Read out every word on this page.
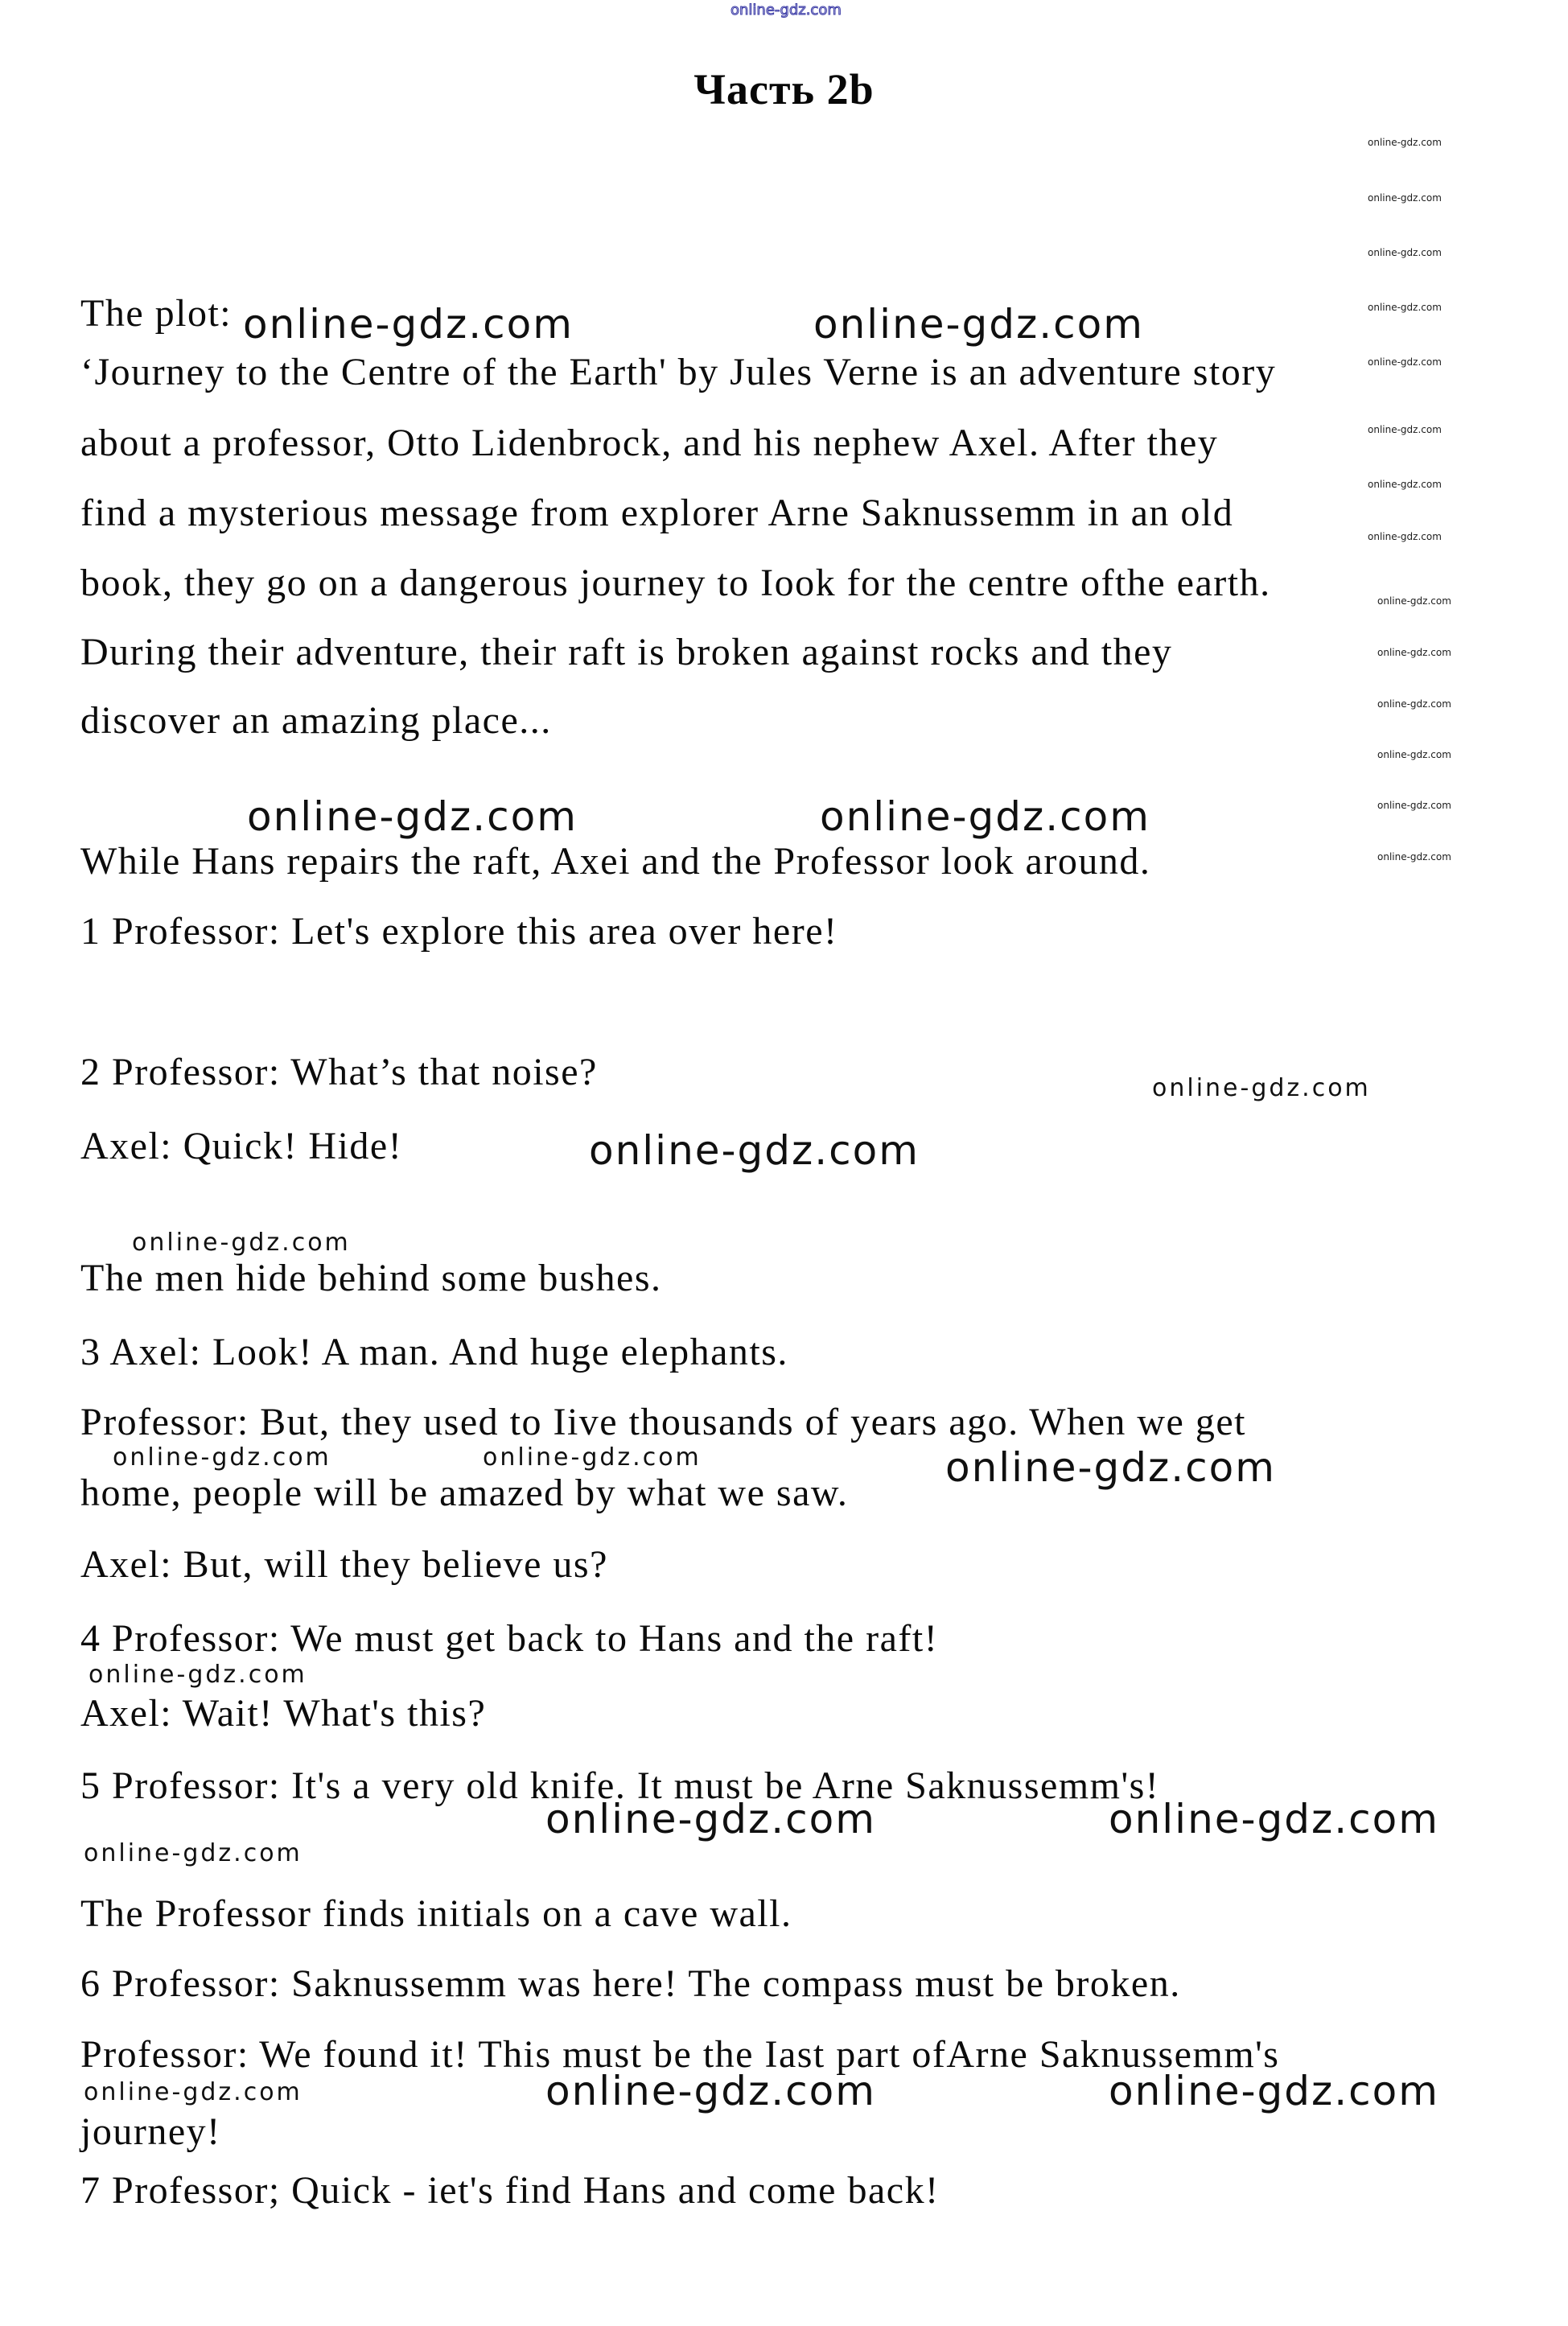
online-gdz.com
Часть 2b
online-gdz.com
online-gdz.com
online-gdz.com
online-gdz.com
online-gdz.com
online-gdz.com
online-gdz.com
online-gdz.com
online-gdz.com
online-gdz.com
online-gdz.com
online-gdz.com
online-gdz.com
online-gdz.com
online-gdz.com	online-gdz.com
online-gdz.com	online-gdz.com
online-gdz.com
online-gdz.com
online-gdz.com	online-gdz.com
online-gdz.com	online-gdz.com
online-gdz.com
online-gdz.com
online-gdz.com	online-gdz.com
online-gdz.com
online-gdz.com
online-gdz.com
The plot:
‘Journey to the Centre of the Earth' by Jules Verne is an adventure story
about a professor, Otto Lidenbrock, and his nephew Axel. After they
find a mysterious message from explorer Arne Saknussemm in an old
book, they go on a dangerous journey to Iook for the centre ofthe earth.
During their adventure, their raft is broken against rocks and they
discover an amazing place...
While Hans repairs the raft, Axei and the Professor look around.
1 Professor: Let's explore this area over here!
2 Professor: What’s that noise?
Axel: Quick! Hide!
The men hide behind some bushes.
3 Axel: Look! A man. And huge elephants.
Professor: But, they used to Iive thousands of years ago. When we get
home, people will be amazed by what we saw.
Axel: But, will they believe us?
4 Professor: We must get back to Hans and the raft!
Axel: Wait! What's this?
5 Professor: It's a very old knife. It must be Arne Saknussemm's!
The Professor finds initials on a cave wall.
6 Professor: Saknussemm was here! The compass must be broken.
Professor: We found it! This must be the Iast part ofArne Saknussemm's
journey!
7 Professor; Quick - iet's find Hans and come back!
